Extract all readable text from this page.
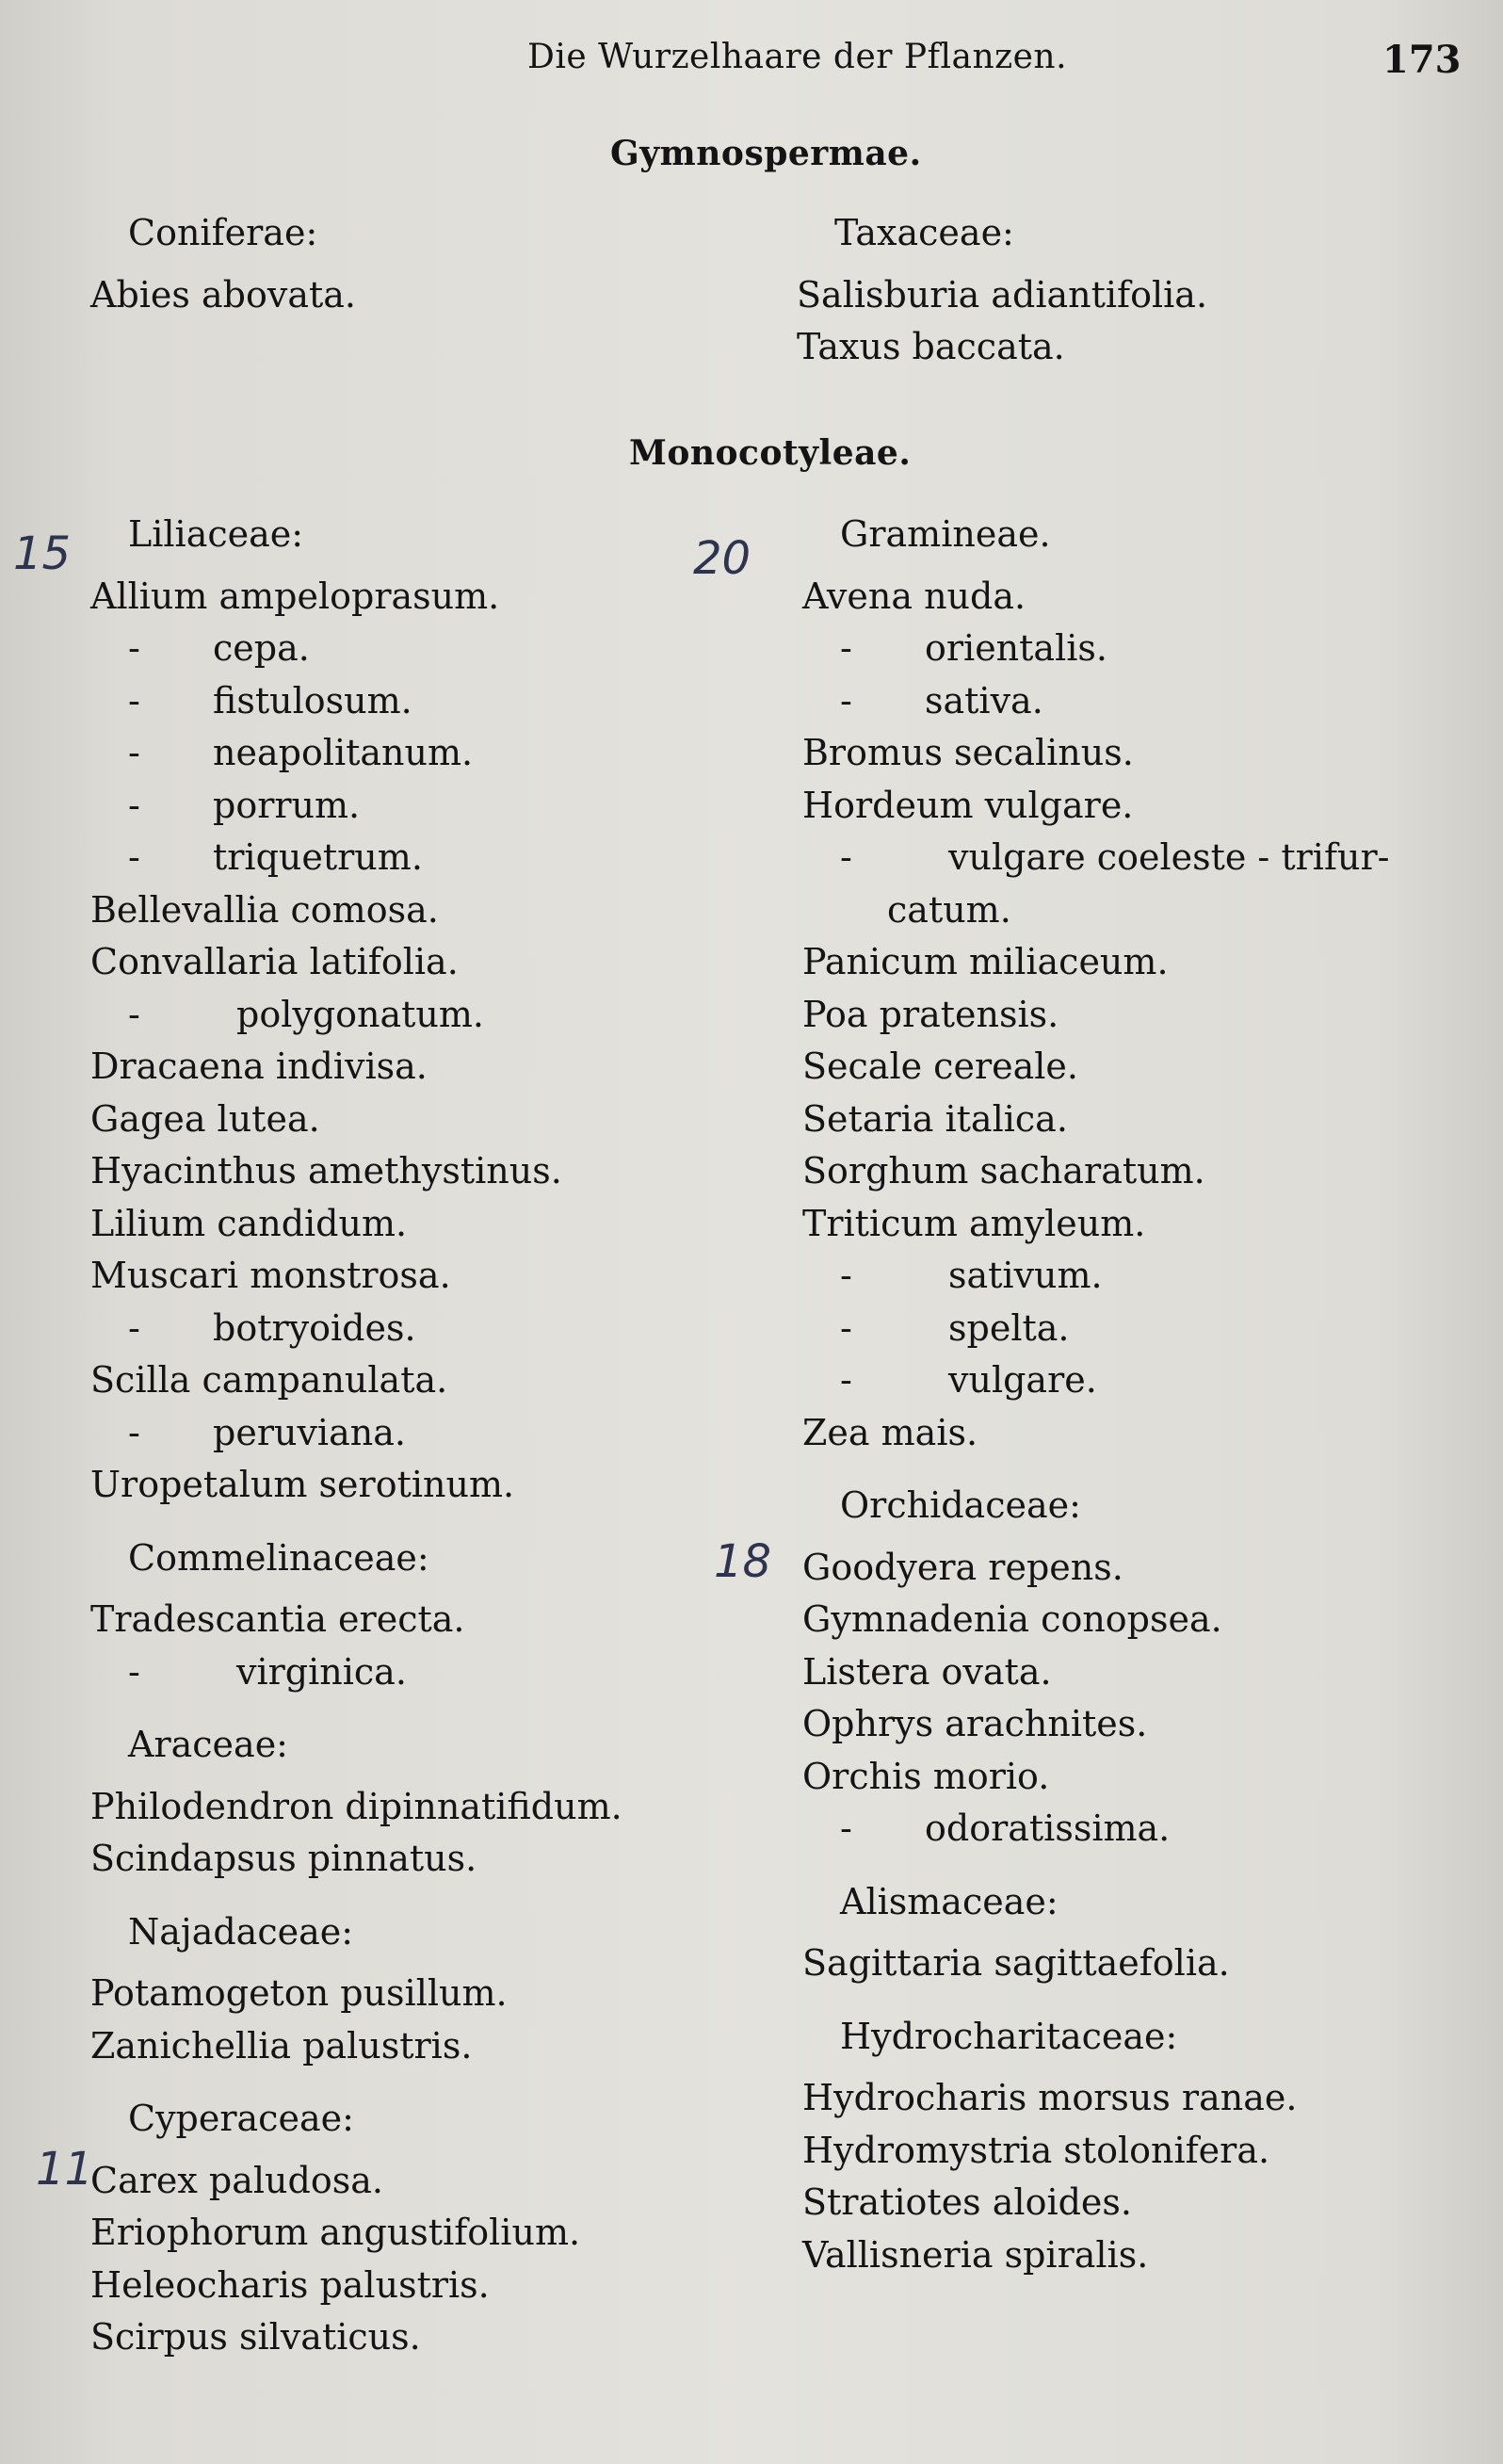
Die Wurzelhaare der Pflanzen.	173
Gymnospermae.
Monocotyleae.
Coniferae:
Abies abovata.
Taxaceae:
Salisburia adiantifolia.
Taxus baccata.
Liliaceae:
Allium ampeloprasum.
- cepa.
- fistulosum.
- neapolitanum.
- porrum.
- triquetrum.
Bellevallia comosa.
Convallaria latifolia.
-	polygonatum.
Dracaena indivisa.
Gagea lutea.
Hyacinthus amethystinus.
Lilium candidum.
Muscari monstrosa.
- botryoides.
Scilla campanulata.
- peruviana.
Uropetalum serotinum.
Commelinaceae:
Tradescantia erecta.
-	virginica.
Araceae:
Philodendron dipinnatifidum.
Scindapsus pinnatus.
Najadaceae:
Potamogeton pusillum.
Zanichellia palustris.
Cyperaceae:
Carex paludosa.
Eriophorum angustifolium.
Heleocharis palustris.
Scirpus silvaticus.
Gramineae.
Avena nuda.
- orientalis.
- sativa.
Bromus secalinus.
Hordeum vulgare.
-	vulgare coeleste - trifur-
catum.
Panicum miliaceum.
Poa pratensis.
Secale cereale.
Setaria italica.
Sorghum sacharatum.
Triticum amyleum.
-	sativum.
-	spelta.
-	vulgare.
Zea mais.
Orchidaceae:
Goodyera repens.
Gymnadenia conopsea.
Listera ovata.
Ophrys arachnites.
Orchis morio.
- odoratissima.
Alismaceae:
Sagittaria sagittaefolia.
Hydrocharitaceae:
Hydrocharis morsus ranae.
Hydromystria stolonifera.
Stratiotes aloides.
Vallisneria spiralis.
15	20
18
11
